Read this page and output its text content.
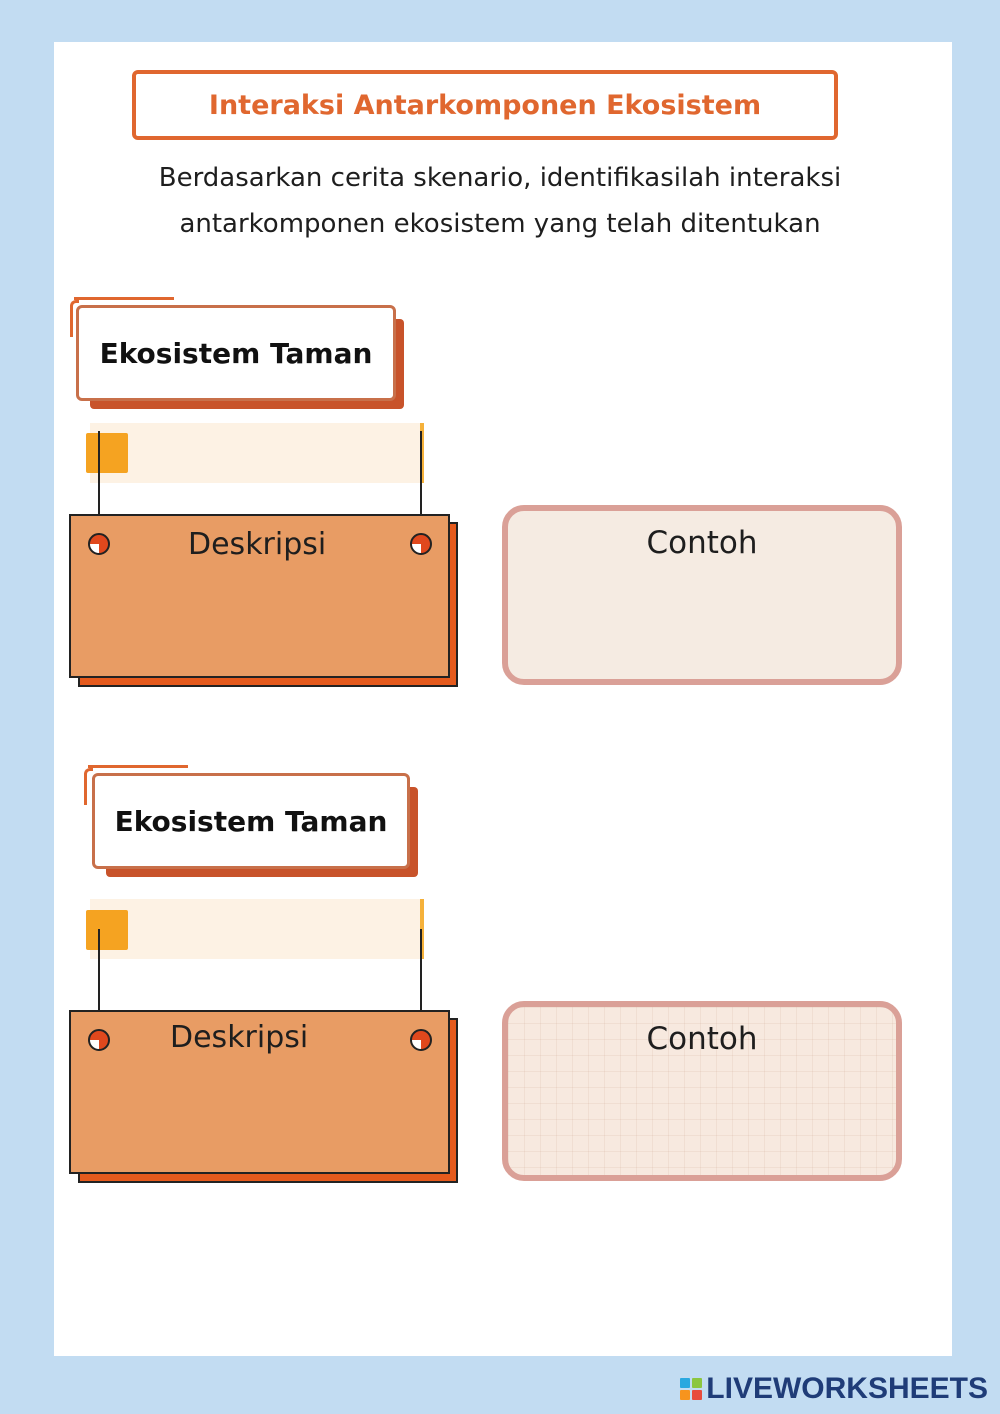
Interaksi Antarkomponen Ekosistem
Berdasarkan cerita skenario, identifikasilah interaksi
antarkomponen ekosistem yang telah ditentukan
Ekosistem Taman
Deskripsi	Contoh
Ekosistem Taman
Deskripsi	Contoh
LIVEWORKSHEETS
